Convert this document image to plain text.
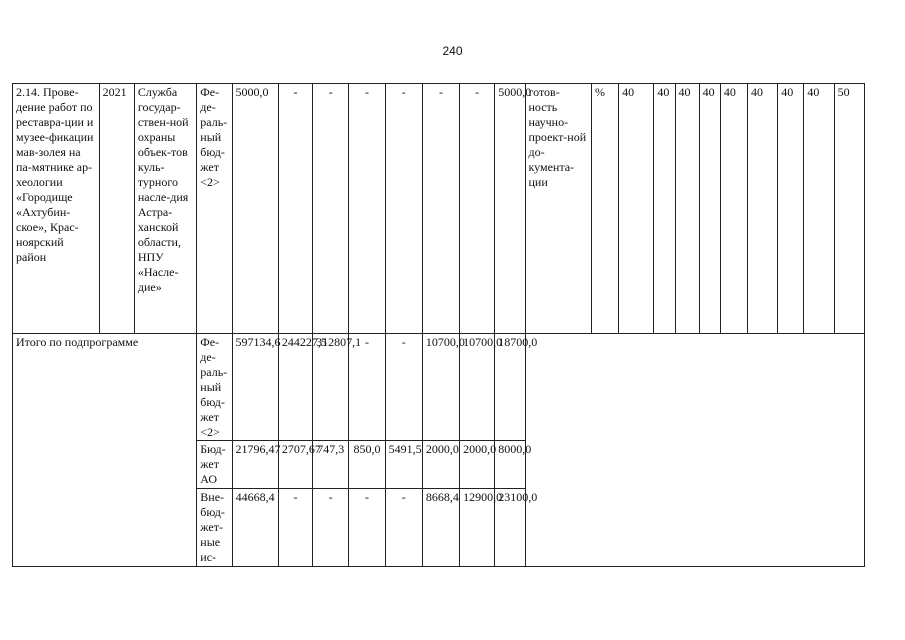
240
2.14. Прове-дение работ по реставра-ции и музее-фикации мав-золея на па-мятнике ар-хеологии «Городище «Ахтубин-ское», Крас-ноярский район	2021	Служба государ-ствен-ной охраны объек-тов куль-турного насле-дия Астра-ханской области, НПУ «Насле-дие»	Фе-де-раль-ный бюд-жет <2>	5000,0	-	-	-	-	-	-	5000,0	готов-ность научно-проект-ной до-кумента-ции	%	40	40	40	40	40	40	40	40	50
Итого по подпрограмме			Фе-де-раль-ный бюд-жет <2>	597134,6	244227,5	312807,1	-	-	10700,0	10700,0	18700,0											
			Бюд-жет АО	21796,47	2707,67	747,3	850,0	5491,5	2000,0	2000,0	8000,0											
			Вне-бюд-жет-ные ис-	44668,4	-	-	-	-	8668,4	12900,0	23100,0											
